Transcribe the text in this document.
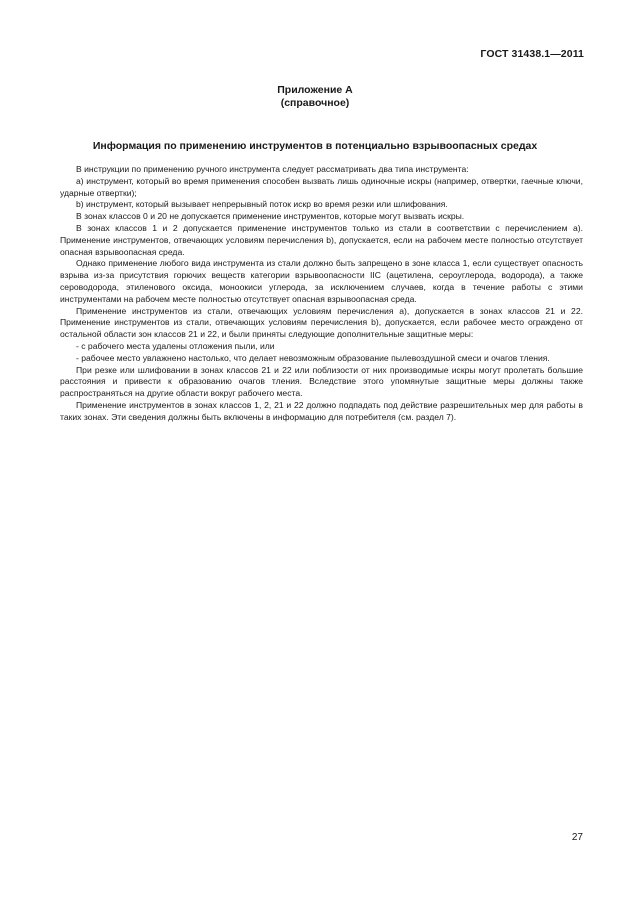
ГОСТ 31438.1—2011
Приложение А
(справочное)
Информация по применению инструментов в потенциально взрывоопасных средах

В инструкции по применению ручного инструмента следует рассматривать два типа инструмента:

а) инструмент, который во время применения способен вызвать лишь одиночные искры (например, отвертки, гаечные ключи, ударные отвертки);

b) инструмент, который вызывает непрерывный поток искр во время резки или шлифования.

В зонах классов 0 и 20 не допускается применение инструментов, которые могут вызвать искры.

В зонах классов 1 и 2 допускается применение инструментов только из стали в соответствии с перечислением а). Применение инструментов, отвечающих условиям перечисления b), допускается, если на рабочем месте полностью отсутствует опасная взрывоопасная среда.

Однако применение любого вида инструмента из стали должно быть запрещено в зоне класса 1, если существует опасность взрыва из-за присутствия горючих веществ категории взрывоопасности IIC (ацетилена, сероуглерода, водорода), а также сероводорода, этиленового оксида, моноокиси углерода, за исключением случаев, когда в течение работы с этими инструментами на рабочем месте полностью отсутствует опасная взрывоопасная среда.

Применение инструментов из стали, отвечающих условиям перечисления а), допускается в зонах классов 21 и 22. Применение инструментов из стали, отвечающих условиям перечисления b), допускается, если рабочее место ограждено от остальной области зон классов 21 и 22, и были приняты следующие дополнительные защитные меры:

- с рабочего места удалены отложения пыли, или

- рабочее место увлажнено настолько, что делает невозможным образование пылевоздушной смеси и очагов тления.

При резке или шлифовании в зонах классов 21 и 22 или поблизости от них производимые искры могут пролетать большие расстояния и привести к образованию очагов тления. Вследствие этого упомянутые защитные меры должны также распространяться на другие области вокруг рабочего места.

Применение инструментов в зонах классов 1, 2, 21 и 22 должно подпадать под действие разрешительных мер для работы в таких зонах. Эти сведения должны быть включены в информацию для потребителя (см. раздел 7).

27
